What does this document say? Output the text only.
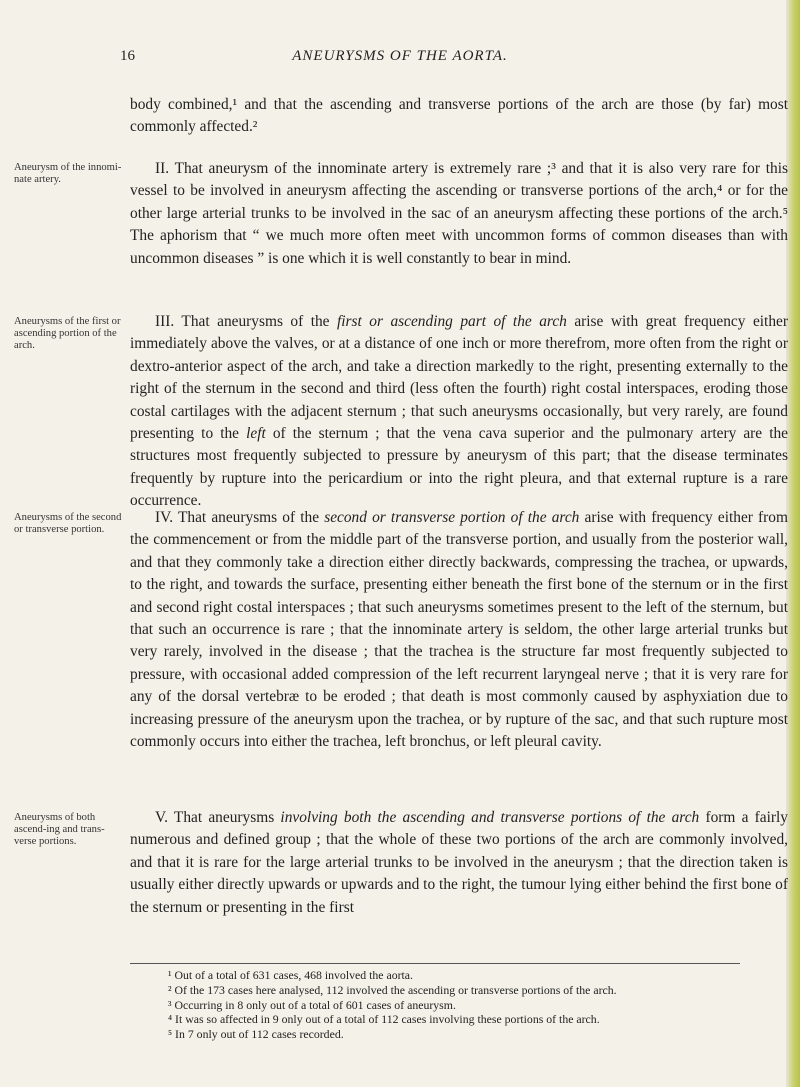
16	ANEURYSMS OF THE AORTA.

body combined,¹ and that the ascending and transverse portions of the arch are those (by far) most commonly affected.²

Aneurysm of the innomi-nate artery.

II. That aneurysm of the innominate artery is extremely rare ;³ and that it is also very rare for this vessel to be involved in aneurysm affecting the ascending or transverse portions of the arch,⁴ or for the other large arterial trunks to be involved in the sac of an aneurysm affecting these portions of the arch.⁵ The aphorism that “ we much more often meet with uncommon forms of common diseases than with uncommon diseases ” is one which it is well constantly to bear in mind.

Aneurysms of the first or ascending portion of the arch.

III. That aneurysms of the first or ascending part of the arch arise with great frequency either immediately above the valves, or at a distance of one inch or more therefrom, more often from the right or dextro-anterior aspect of the arch, and take a direction markedly to the right, presenting externally to the right of the sternum in the second and third (less often the fourth) right costal interspaces, eroding those costal cartilages with the adjacent sternum ; that such aneurysms occasionally, but very rarely, are found presenting to the left of the sternum ; that the vena cava superior and the pulmonary artery are the structures most frequently subjected to pressure by aneurysm of this part; that the disease terminates frequently by rupture into the pericardium or into the right pleura, and that external rupture is a rare occurrence.

Aneurysms of the second or transverse portion.

IV. That aneurysms of the second or transverse portion of the arch arise with frequency either from the commencement or from the middle part of the transverse portion, and usually from the posterior wall, and that they commonly take a direction either directly backwards, compressing the trachea, or upwards, to the right, and towards the surface, presenting either beneath the first bone of the sternum or in the first and second right costal interspaces ; that such aneurysms sometimes present to the left of the sternum, but that such an occurrence is rare ; that the innominate artery is seldom, the other large arterial trunks but very rarely, involved in the disease ; that the trachea is the structure far most frequently subjected to pressure, with occasional added compression of the left recurrent laryngeal nerve ; that it is very rare for any of the dorsal vertebræ to be eroded ; that death is most commonly caused by asphyxiation due to increasing pressure of the aneurysm upon the trachea, or by rupture of the sac, and that such rupture most commonly occurs into either the trachea, left bronchus, or left pleural cavity.

Aneurysms of both ascend-ing and trans-verse portions.

V. That aneurysms involving both the ascending and transverse portions of the arch form a fairly numerous and defined group ; that the whole of these two portions of the arch are commonly involved, and that it is rare for the large arterial trunks to be involved in the aneurysm ; that the direction taken is usually either directly upwards or upwards and to the right, the tumour lying either behind the first bone of the sternum or presenting in the first

¹ Out of a total of 631 cases, 468 involved the aorta.

² Of the 173 cases here analysed, 112 involved the ascending or transverse portions of the arch.

³ Occurring in 8 only out of a total of 601 cases of aneurysm.

⁴ It was so affected in 9 only out of a total of 112 cases involving these portions of the arch.

⁵ In 7 only out of 112 cases recorded.
